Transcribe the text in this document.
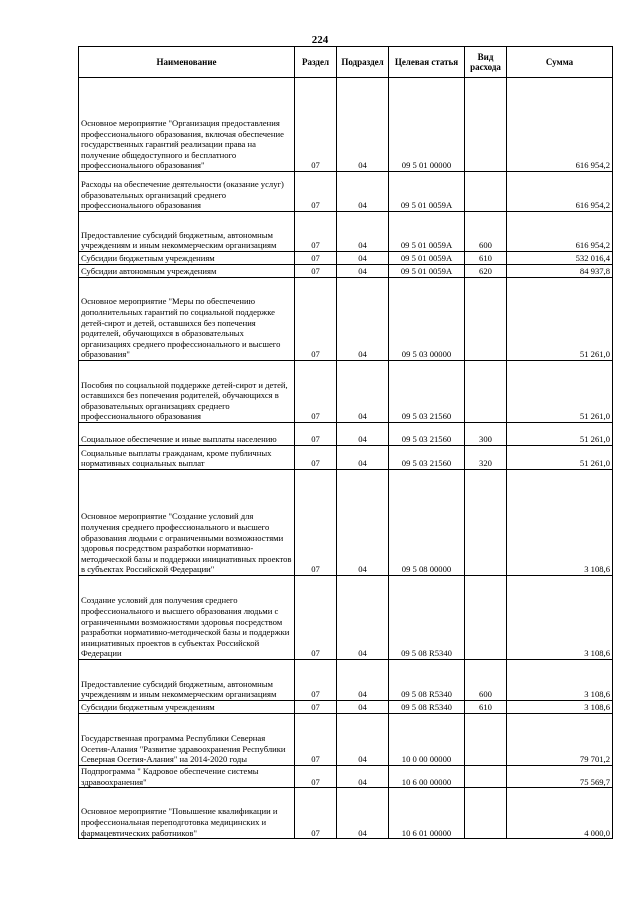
224
Наименование	Раздел	Подраздел	Целевая статья	Вид расхода	Сумма
Основное мероприятие "Организация предоставления профессионального образования, включая обеспечение государственных гарантий реализации права на получение общедоступного и бесплатного профессионального образования"	07	04	09 5 01 00000		616 954,2
Расходы на обеспечение деятельности (оказание услуг) образовательных организаций среднего профессионального образования	07	04	09 5 01 0059A		616 954,2
Предоставление субсидий бюджетным, автономным учреждениям и иным некоммерческим организациям	07	04	09 5 01 0059A	600	616 954,2
Субсидии бюджетным учреждениям	07	04	09 5 01 0059A	610	532 016,4
Субсидии автономным учреждениям	07	04	09 5 01 0059A	620	84 937,8
Основное мероприятие "Меры по обеспечению дополнительных гарантий по социальной поддержке детей-сирот и детей, оставшихся без попечения родителей, обучающихся в образовательных организациях среднего профессионального и высшего образования"	07	04	09 5 03 00000		51 261,0
Пособия по социальной поддержке детей-сирот и детей, оставшихся без попечения родителей, обучающихся в образовательных организациях среднего профессионального образования	07	04	09 5 03 21560		51 261,0
Социальное обеспечение и иные выплаты населению	07	04	09 5 03 21560	300	51 261,0
Социальные выплаты гражданам, кроме публичных нормативных социальных выплат	07	04	09 5 03 21560	320	51 261,0
Основное мероприятие "Создание условий для получения среднего профессионального и высшего образования людьми с ограниченными возможностями здоровья посредством разработки нормативно-методической базы и поддержки инициативных проектов в субъектах Российской Федерации"	07	04	09 5 08 00000		3 108,6
Создание условий для получения среднего профессионального и высшего образования людьми с ограниченными возможностями здоровья посредством разработки нормативно-методической базы и поддержки инициативных проектов в субъектах Российской Федерации	07	04	09 5 08 R5340		3 108,6
Предоставление субсидий бюджетным, автономным учреждениям и иным некоммерческим организациям	07	04	09 5 08 R5340	600	3 108,6
Субсидии бюджетным учреждениям	07	04	09 5 08 R5340	610	3 108,6
Государственная программа Республики Северная Осетия-Алания "Развитие здравоохранения Республики Северная Осетия-Алания" на 2014-2020 годы	07	04	10 0 00 00000		79 701,2
Подпрограмма " Кадровое обеспечение системы здравоохранения"	07	04	10 6 00 00000		75 569,7
Основное мероприятие "Повышение квалификации и профессиональная переподготовка медицинских и фармацевтических работников"	07	04	10 6 01 00000		4 000,0
